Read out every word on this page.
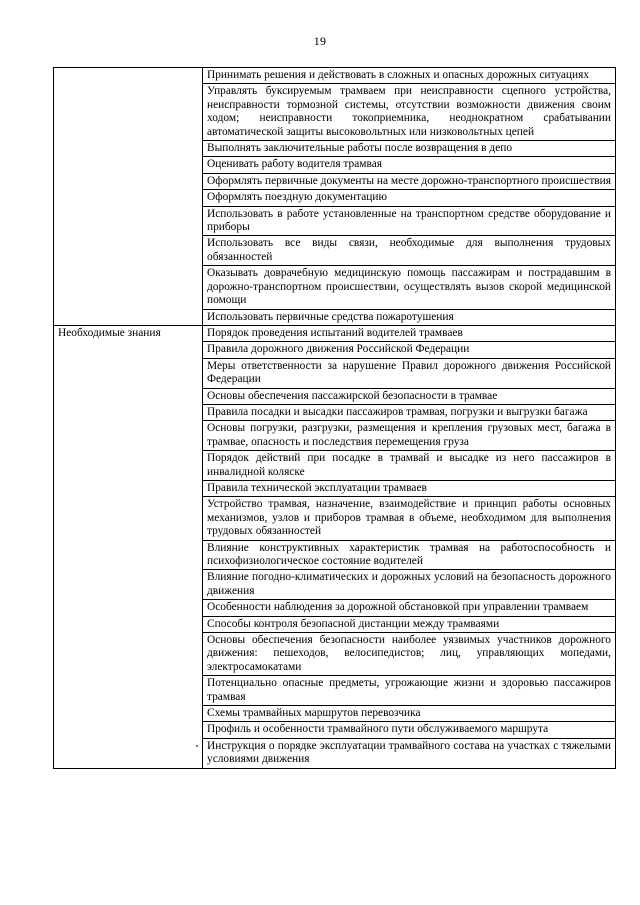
19
	Принимать решения и действовать в сложных и опасных дорожных ситуациях
	Управлять буксируемым трамваем при неисправности сцепного устройства, неисправности тормозной системы, отсутствии возможности движения своим ходом; неисправности токоприемника, неоднократном срабатывании автоматической защиты высоковольтных или низковольтных цепей
	Выполнять заключительные работы после возвращения в депо
	Оценивать работу водителя трамвая
	Оформлять первичные документы на месте дорожно-транспортного происшествия
	Оформлять поездную документацию
	Использовать в работе установленные на транспортном средстве оборудование и приборы
	Использовать все виды связи, необходимые для выполнения трудовых обязанностей
	Оказывать доврачебную медицинскую помощь пассажирам и пострадавшим в дорожно-транспортном происшествии, осуществлять вызов скорой медицинской помощи
	Использовать первичные средства пожаротушения
Необходимые знания	Порядок проведения испытаний водителей трамваев
	Правила дорожного движения Российской Федерации
	Меры ответственности за нарушение Правил дорожного движения Российской Федерации
	Основы обеспечения пассажирской безопасности в трамвае
	Правила посадки и высадки пассажиров трамвая, погрузки и выгрузки багажа
	Основы погрузки, разгрузки, размещения и крепления грузовых мест, багажа в трамвае, опасность и последствия перемещения груза
	Порядок действий при посадке в трамвай и высадке из него пассажиров в инвалидной коляске
	Правила технической эксплуатации трамваев
	Устройство трамвая, назначение, взаимодействие и принцип работы основных механизмов, узлов и приборов трамвая в объеме, необходимом для выполнения трудовых обязанностей
	Влияние конструктивных характеристик трамвая на работоспособность и психофизиологическое состояние водителей
	Влияние погодно-климатических и дорожных условий на безопасность дорожного движения
	Особенности наблюдения за дорожной обстановкой при управлении трамваем
	Способы контроля безопасной дистанции между трамваями
	Основы обеспечения безопасности наиболее уязвимых участников дорожного движения: пешеходов, велосипедистов; лиц, управляющих мопедами, электросамокатами
	Потенциально опасные предметы, угрожающие жизни и здоровью пассажиров трамвая
	Схемы трамвайных маршрутов перевозчика
	Профиль и особенности трамвайного пути обслуживаемого маршрута
	Инструкция о порядке эксплуатации трамвайного состава на участках с тяжелыми условиями движения
